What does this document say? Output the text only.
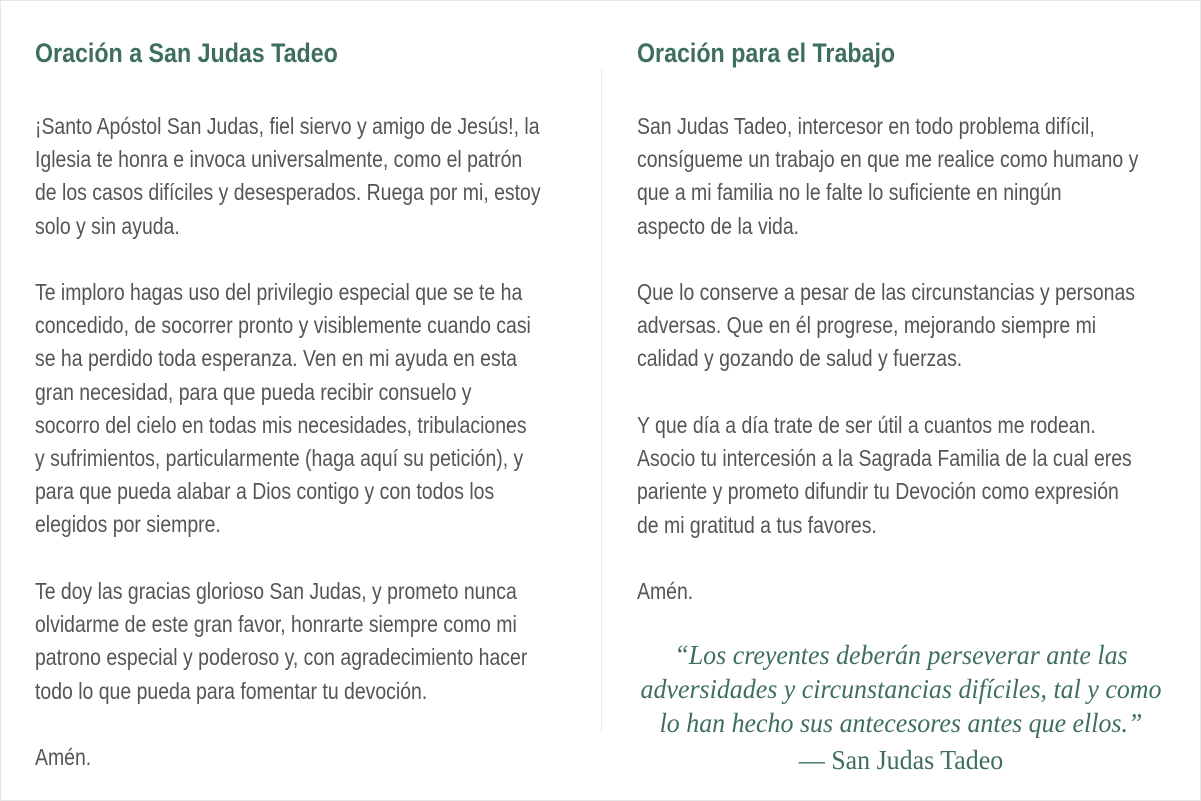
Oración a San Judas Tadeo

¡Santo Apóstol San Judas, fiel siervo y amigo de Jesús!, la
Iglesia te honra e invoca universalmente, como el patrón
de los casos difíciles y desesperados. Ruega por mi, estoy
solo y sin ayuda.

Te imploro hagas uso del privilegio especial que se te ha
concedido, de socorrer pronto y visiblemente cuando casi
se ha perdido toda esperanza. Ven en mi ayuda en esta
gran necesidad, para que pueda recibir consuelo y
socorro del cielo en todas mis necesidades, tribulaciones
y sufrimientos, particularmente (haga aquí su petición), y
para que pueda alabar a Dios contigo y con todos los
elegidos por siempre.

Te doy las gracias glorioso San Judas, y prometo nunca
olvidarme de este gran favor, honrarte siempre como mi
patrono especial y poderoso y, con agradecimiento hacer
todo lo que pueda para fomentar tu devoción.

Amén.

Oración para el Trabajo

San Judas Tadeo, intercesor en todo problema difícil,
consígueme un trabajo en que me realice como humano y
que a mi familia no le falte lo suficiente en ningún
aspecto de la vida.

Que lo conserve a pesar de las circunstancias y personas
adversas. Que en él progrese, mejorando siempre mi
calidad y gozando de salud y fuerzas.

Y que día a día trate de ser útil a cuantos me rodean.
Asocio tu intercesión a la Sagrada Familia de la cual eres
pariente y prometo difundir tu Devoción como expresión
de mi gratitud a tus favores.

Amén.

“Los creyentes deberán perseverar ante las
adversidades y circunstancias difíciles, tal y como
lo han hecho sus antecesores antes que ellos.”

— San Judas Tadeo
